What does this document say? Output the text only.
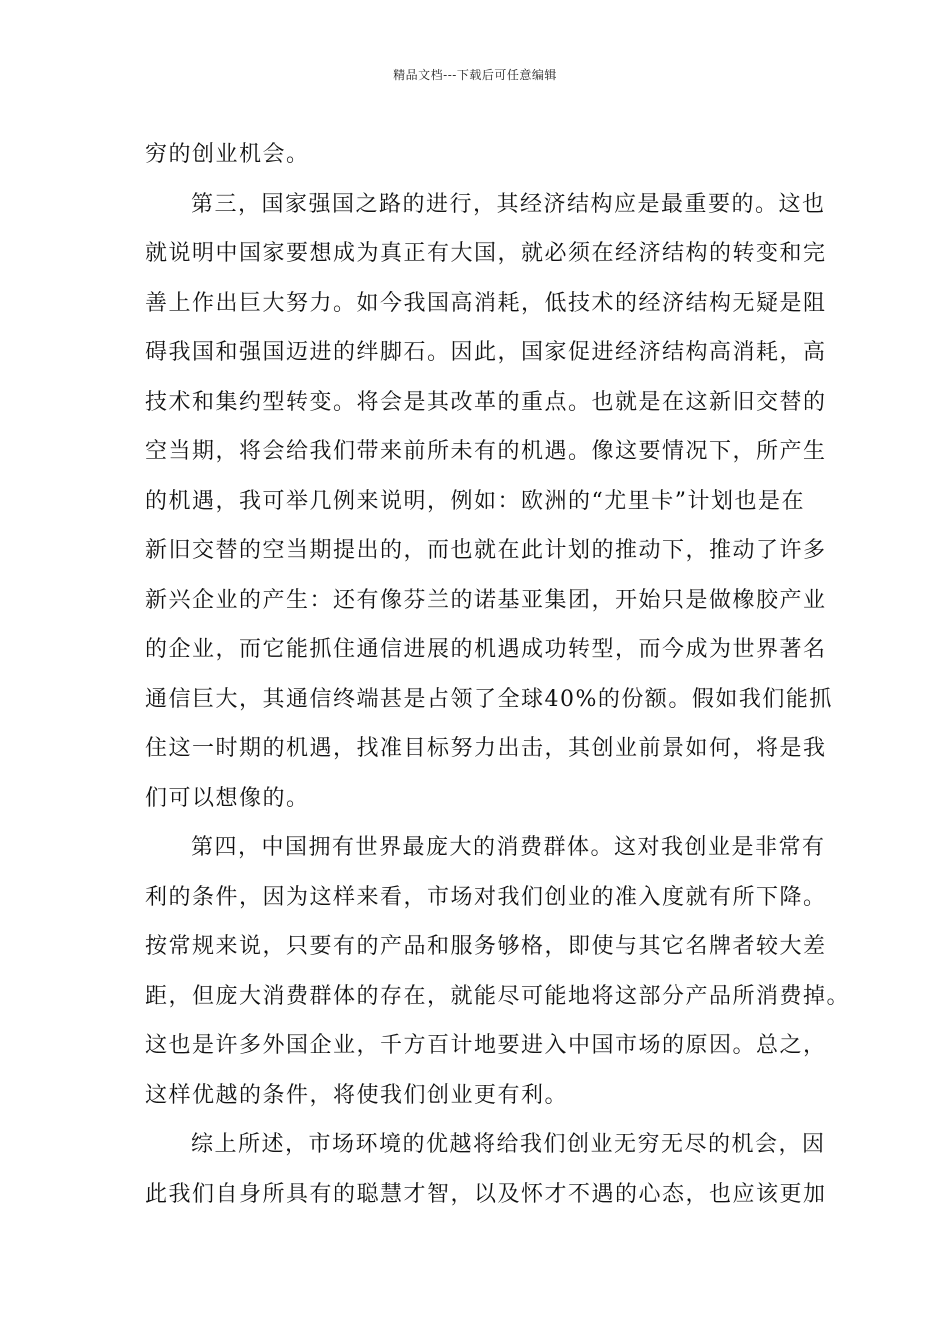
精品文档---下载后可任意编辑
穷的创业机会。
第三，国家强国之路的进行，其经济结构应是最重要的。这也
就说明中国家要想成为真正有大国，就必须在经济结构的转变和完
善上作出巨大努力。如今我国高消耗，低技术的经济结构无疑是阻
碍我国和强国迈进的绊脚石。因此，国家促进经济结构高消耗，高
技术和集约型转变。将会是其改革的重点。也就是在这新旧交替的
空当期，将会给我们带来前所未有的机遇。像这要情况下，所产生
的机遇，我可举几例来说明，例如：欧洲的“尤里卡”计划也是在
新旧交替的空当期提出的，而也就在此计划的推动下，推动了许多
新兴企业的产生：还有像芬兰的诺基亚集团，开始只是做橡胶产业
的企业，而它能抓住通信进展的机遇成功转型，而今成为世界著名
通信巨大，其通信终端甚是占领了全球40%的份额。假如我们能抓
住这一时期的机遇，找准目标努力出击，其创业前景如何，将是我
们可以想像的。
第四，中国拥有世界最庞大的消费群体。这对我创业是非常有
利的条件，因为这样来看，市场对我们创业的准入度就有所下降。
按常规来说，只要有的产品和服务够格，即使与其它名牌者较大差
距，但庞大消费群体的存在，就能尽可能地将这部分产品所消费掉。
这也是许多外国企业，千方百计地要进入中国市场的原因。总之，
这样优越的条件，将使我们创业更有利。
综上所述，市场环境的优越将给我们创业无穷无尽的机会，因
此我们自身所具有的聪慧才智，以及怀才不遇的心态，也应该更加
